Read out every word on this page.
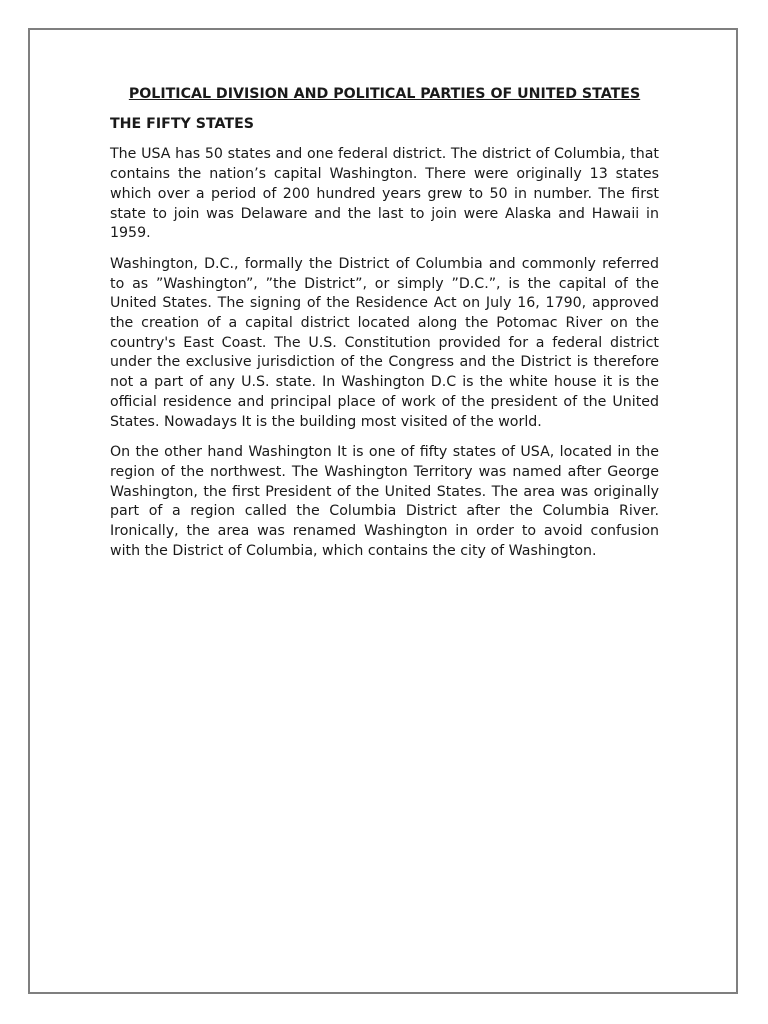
POLITICAL DIVISION AND POLITICAL PARTIES OF UNITED STATES
THE FIFTY STATES

The USA has 50 states and one federal district. The district of Columbia, that contains the nation’s capital Washington. There were originally 13 states which over a period of 200 hundred years grew to 50 in number. The first state to join was Delaware and the last to join were Alaska and Hawaii in 1959.

Washington, D.C., formally the District of Columbia and commonly referred to as ”Washington”, ”the District”, or simply ”D.C.”, is the capital of the United States. The signing of the Residence Act on July 16, 1790, approved the creation of a capital district located along the Potomac River on the country's East Coast. The U.S. Constitution provided for a federal district under the exclusive jurisdiction of the Congress and the District is therefore not a part of any U.S. state. In Washington D.C is the white house it is the official residence and principal place of work of the president of the United States. Nowadays It is the building most visited of the world.

On the other hand Washington It is one of fifty states of USA, located in the region of the northwest. The Washington Territory was named after George Washington, the first President of the United States. The area was originally part of a region called the Columbia District after the Columbia River. Ironically, the area was renamed Washington in order to avoid confusion with the District of Columbia, which contains the city of Washington.
